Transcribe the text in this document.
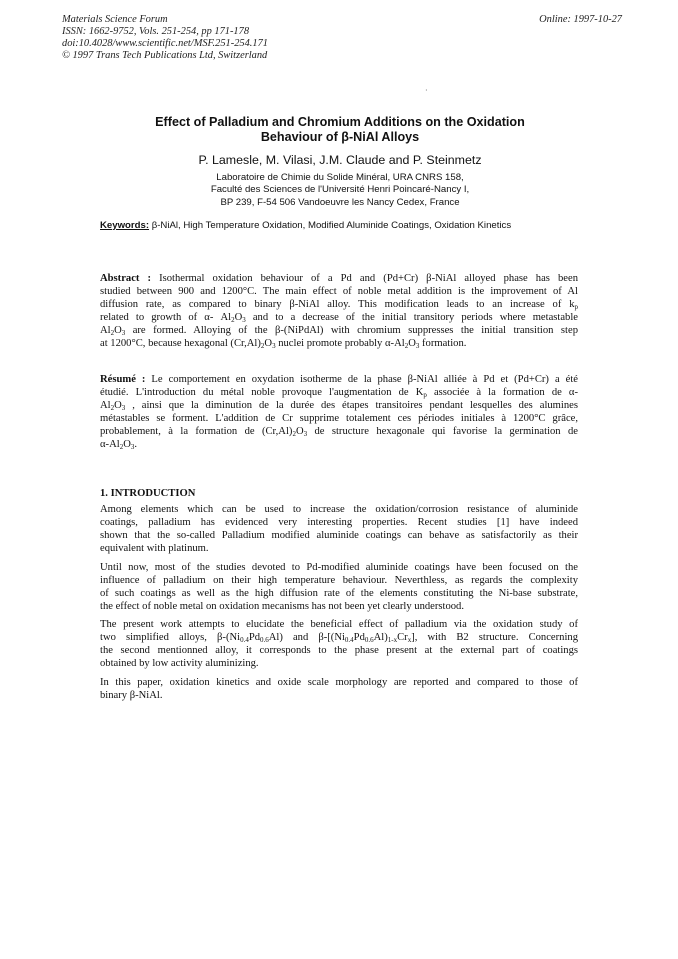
Materials Science Forum
ISSN: 1662-9752, Vols. 251-254, pp 171-178
doi:10.4028/www.scientific.net/MSF.251-254.171
© 1997 Trans Tech Publications Ltd, Switzerland
Online: 1997-10-27
·
Effect of Palladium and Chromium Additions on the Oxidation
Behaviour of β-NiAl Alloys
P. Lamesle, M. Vilasi, J.M. Claude and P. Steinmetz
Laboratoire de Chimie du Solide Minéral, URA CNRS 158,
Faculté des Sciences de l'Université Henri Poincaré-Nancy I,
BP 239, F-54 506 Vandoeuvre les Nancy Cedex, France
Keywords: β-NiAl, High Temperature Oxidation, Modified Aluminide Coatings, Oxidation Kinetics
Abstract : Isothermal oxidation behaviour of a Pd and (Pd+Cr) β-NiAl alloyed phase has been
studied between 900 and 1200°C. The main effect of noble metal addition is the improvement of Al
diffusion rate, as compared to binary β-NiAl alloy. This modification leads to an increase of $k_p$
related to growth of α- $Al_2O_3$ and to a decrease of the initial transitory periods where metastable
$Al_2O_3$ are formed. Alloying of the β-(NiPdAl) with chromium suppresses the initial transition step
at 1200°C, because hexagonal $(Cr,Al)_2O_3$ nuclei promote probably $\alpha-Al_2O_3$ formation.
Résumé : Le comportement en oxydation isotherme de la phase β-NiAl alliée à Pd et (Pd+Cr) a été
étudié. L'introduction du métal noble provoque l'augmentation de $K_p$ associée à la formation de α-
$Al_2O_3$ , ainsi que la diminution de la durée des étapes transitoires pendant lesquelles des alumines
métastables se forment. L'addition de Cr supprime totalement ces périodes initiales à 1200°C grâce,
probablement, à la formation de $(Cr,Al)_2O_3$ de structure hexagonale qui favorise la germination de
$\alpha-Al_2O_3$.
1. INTRODUCTION
Among elements which can be used to increase the oxidation/corrosion resistance of aluminide
coatings, palladium has evidenced very interesting properties. Recent studies [1] have indeed
shown that the so-called Palladium modified aluminide coatings can behave as satisfactorily as their
equivalent with platinum.
Until now, most of the studies devoted to Pd-modified aluminide coatings have been focused on the
influence of palladium on their high temperature behaviour. Neverthless, as regards the complexity
of such coatings as well as the high diffusion rate of the elements constituting the Ni-base substrate,
the effect of noble metal on oxidation mecanisms has not been yet clearly understood.
The present work attempts to elucidate the beneficial effect of palladium via the oxidation study of
two simplified alloys, $\beta-(Ni_{0.4}Pd_{0.6}Al)$ and $\beta-[(Ni_{0.4}Pd_{0.6}Al)_{1-x}Cr_x]$, with B2 structure. Concerning
the second mentionned alloy, it corresponds to the phase present at the external part of coatings
obtained by low activity aluminizing.
In this paper, oxidation kinetics and oxide scale morphology are reported and compared to those of
binary β-NiAl.
